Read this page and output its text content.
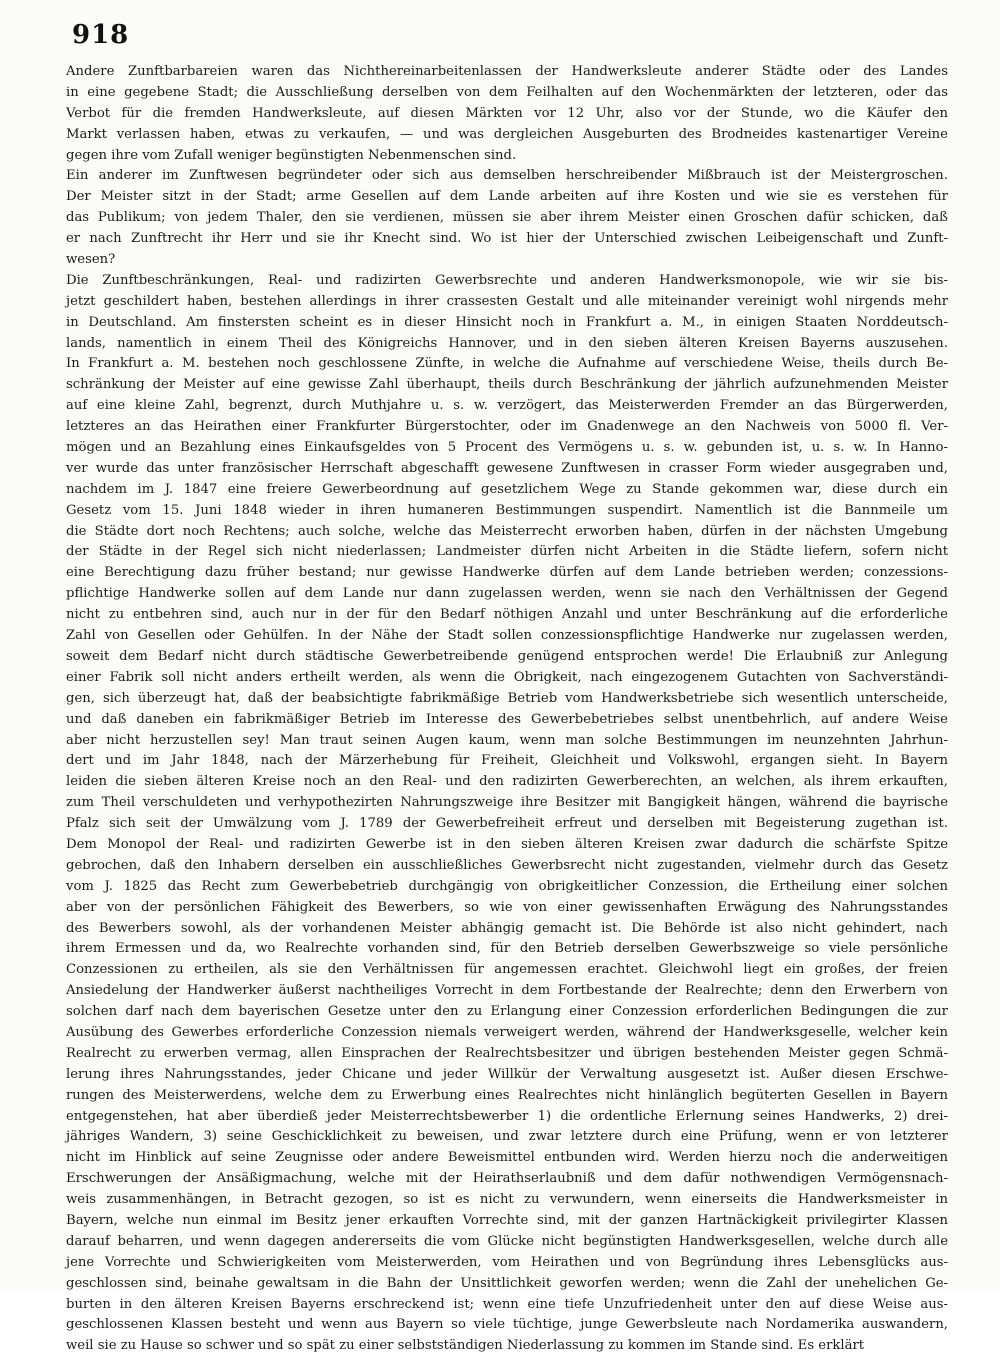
918
Andere Zunftbarbareien waren das Nichthereinarbeitenlassen der Handwerksleute anderer Städte oder des Landes
in eine gegebene Stadt; die Ausschließung derselben von dem Feilhalten auf den Wochenmärkten der letzteren, oder das
Verbot für die fremden Handwerksleute, auf diesen Märkten vor 12 Uhr, also vor der Stunde, wo die Käufer den
Markt verlassen haben, etwas zu verkaufen, — und was dergleichen Ausgeburten des Brodneides kastenartiger Vereine
gegen ihre vom Zufall weniger begünstigten Nebenmenschen sind.
Ein anderer im Zunftwesen begründeter oder sich aus demselben herschreibender Mißbrauch ist der Meistergroschen.
Der Meister sitzt in der Stadt; arme Gesellen auf dem Lande arbeiten auf ihre Kosten und wie sie es verstehen für
das Publikum; von jedem Thaler, den sie verdienen, müssen sie aber ihrem Meister einen Groschen dafür schicken, daß
er nach Zunftrecht ihr Herr und sie ihr Knecht sind. Wo ist hier der Unterschied zwischen Leibeigenschaft und Zunft-
wesen?
Die Zunftbeschränkungen, Real- und radizirten Gewerbsrechte und anderen Handwerksmonopole, wie wir sie bis-
jetzt geschildert haben, bestehen allerdings in ihrer crassesten Gestalt und alle miteinander vereinigt wohl nirgends mehr
in Deutschland. Am finstersten scheint es in dieser Hinsicht noch in Frankfurt a. M., in einigen Staaten Norddeutsch-
lands, namentlich in einem Theil des Königreichs Hannover, und in den sieben älteren Kreisen Bayerns auszusehen.
In Frankfurt a. M. bestehen noch geschlossene Zünfte, in welche die Aufnahme auf verschiedene Weise, theils durch Be-
schränkung der Meister auf eine gewisse Zahl überhaupt, theils durch Beschränkung der jährlich aufzunehmenden Meister
auf eine kleine Zahl, begrenzt, durch Muthjahre u. s. w. verzögert, das Meisterwerden Fremder an das Bürgerwerden,
letzteres an das Heirathen einer Frankfurter Bürgerstochter, oder im Gnadenwege an den Nachweis von 5000 fl. Ver-
mögen und an Bezahlung eines Einkaufsgeldes von 5 Procent des Vermögens u. s. w. gebunden ist, u. s. w. In Hanno-
ver wurde das unter französischer Herrschaft abgeschafft gewesene Zunftwesen in crasser Form wieder ausgegraben und,
nachdem im J. 1847 eine freiere Gewerbeordnung auf gesetzlichem Wege zu Stande gekommen war, diese durch ein
Gesetz vom 15. Juni 1848 wieder in ihren humaneren Bestimmungen suspendirt. Namentlich ist die Bannmeile um
die Städte dort noch Rechtens; auch solche, welche das Meisterrecht erworben haben, dürfen in der nächsten Umgebung
der Städte in der Regel sich nicht niederlassen; Landmeister dürfen nicht Arbeiten in die Städte liefern, sofern nicht
eine Berechtigung dazu früher bestand; nur gewisse Handwerke dürfen auf dem Lande betrieben werden; conzessions-
pflichtige Handwerke sollen auf dem Lande nur dann zugelassen werden, wenn sie nach den Verhältnissen der Gegend
nicht zu entbehren sind, auch nur in der für den Bedarf nöthigen Anzahl und unter Beschränkung auf die erforderliche
Zahl von Gesellen oder Gehülfen. In der Nähe der Stadt sollen conzessionspflichtige Handwerke nur zugelassen werden,
soweit dem Bedarf nicht durch städtische Gewerbetreibende genügend entsprochen werde! Die Erlaubniß zur Anlegung
einer Fabrik soll nicht anders ertheilt werden, als wenn die Obrigkeit, nach eingezogenem Gutachten von Sachverständi-
gen, sich überzeugt hat, daß der beabsichtigte fabrikmäßige Betrieb vom Handwerksbetriebe sich wesentlich unterscheide,
und daß daneben ein fabrikmäßiger Betrieb im Interesse des Gewerbebetriebes selbst unentbehrlich, auf andere Weise
aber nicht herzustellen sey! Man traut seinen Augen kaum, wenn man solche Bestimmungen im neunzehnten Jahrhun-
dert und im Jahr 1848, nach der Märzerhebung für Freiheit, Gleichheit und Volkswohl, ergangen sieht. In Bayern
leiden die sieben älteren Kreise noch an den Real- und den radizirten Gewerberechten, an welchen, als ihrem erkauften,
zum Theil verschuldeten und verhypothezirten Nahrungszweige ihre Besitzer mit Bangigkeit hängen, während die bayrische
Pfalz sich seit der Umwälzung vom J. 1789 der Gewerbefreiheit erfreut und derselben mit Begeisterung zugethan ist.
Dem Monopol der Real- und radizirten Gewerbe ist in den sieben älteren Kreisen zwar dadurch die schärfste Spitze
gebrochen, daß den Inhabern derselben ein ausschließliches Gewerbsrecht nicht zugestanden, vielmehr durch das Gesetz
vom J. 1825 das Recht zum Gewerbebetrieb durchgängig von obrigkeitlicher Conzession, die Ertheilung einer solchen
aber von der persönlichen Fähigkeit des Bewerbers, so wie von einer gewissenhaften Erwägung des Nahrungsstandes
des Bewerbers sowohl, als der vorhandenen Meister abhängig gemacht ist. Die Behörde ist also nicht gehindert, nach
ihrem Ermessen und da, wo Realrechte vorhanden sind, für den Betrieb derselben Gewerbszweige so viele persönliche
Conzessionen zu ertheilen, als sie den Verhältnissen für angemessen erachtet. Gleichwohl liegt ein großes, der freien
Ansiedelung der Handwerker äußerst nachtheiliges Vorrecht in dem Fortbestande der Realrechte; denn den Erwerbern von
solchen darf nach dem bayerischen Gesetze unter den zu Erlangung einer Conzession erforderlichen Bedingungen die zur
Ausübung des Gewerbes erforderliche Conzession niemals verweigert werden, während der Handwerksgeselle, welcher kein
Realrecht zu erwerben vermag, allen Einsprachen der Realrechtsbesitzer und übrigen bestehenden Meister gegen Schmä-
lerung ihres Nahrungsstandes, jeder Chicane und jeder Willkür der Verwaltung ausgesetzt ist. Außer diesen Erschwe-
rungen des Meisterwerdens, welche dem zu Erwerbung eines Realrechtes nicht hinlänglich begüterten Gesellen in Bayern
entgegenstehen, hat aber überdieß jeder Meisterrechtsbewerber 1) die ordentliche Erlernung seines Handwerks, 2) drei-
jähriges Wandern, 3) seine Geschicklichkeit zu beweisen, und zwar letztere durch eine Prüfung, wenn er von letzterer
nicht im Hinblick auf seine Zeugnisse oder andere Beweismittel entbunden wird. Werden hierzu noch die anderweitigen
Erschwerungen der Ansäßigmachung, welche mit der Heirathserlaubniß und dem dafür nothwendigen Vermögensnach-
weis zusammenhängen, in Betracht gezogen, so ist es nicht zu verwundern, wenn einerseits die Handwerksmeister in
Bayern, welche nun einmal im Besitz jener erkauften Vorrechte sind, mit der ganzen Hartnäckigkeit privilegirter Klassen
darauf beharren, und wenn dagegen andererseits die vom Glücke nicht begünstigten Handwerksgesellen, welche durch alle
jene Vorrechte und Schwierigkeiten vom Meisterwerden, vom Heirathen und von Begründung ihres Lebensglücks aus-
geschlossen sind, beinahe gewaltsam in die Bahn der Unsittlichkeit geworfen werden; wenn die Zahl der unehelichen Ge-
burten in den älteren Kreisen Bayerns erschreckend ist; wenn eine tiefe Unzufriedenheit unter den auf diese Weise aus-
geschlossenen Klassen besteht und wenn aus Bayern so viele tüchtige, junge Gewerbsleute nach Nordamerika auswandern,
weil sie zu Hause so schwer und so spät zu einer selbstständigen Niederlassung zu kommen im Stande sind. Es erklärt
